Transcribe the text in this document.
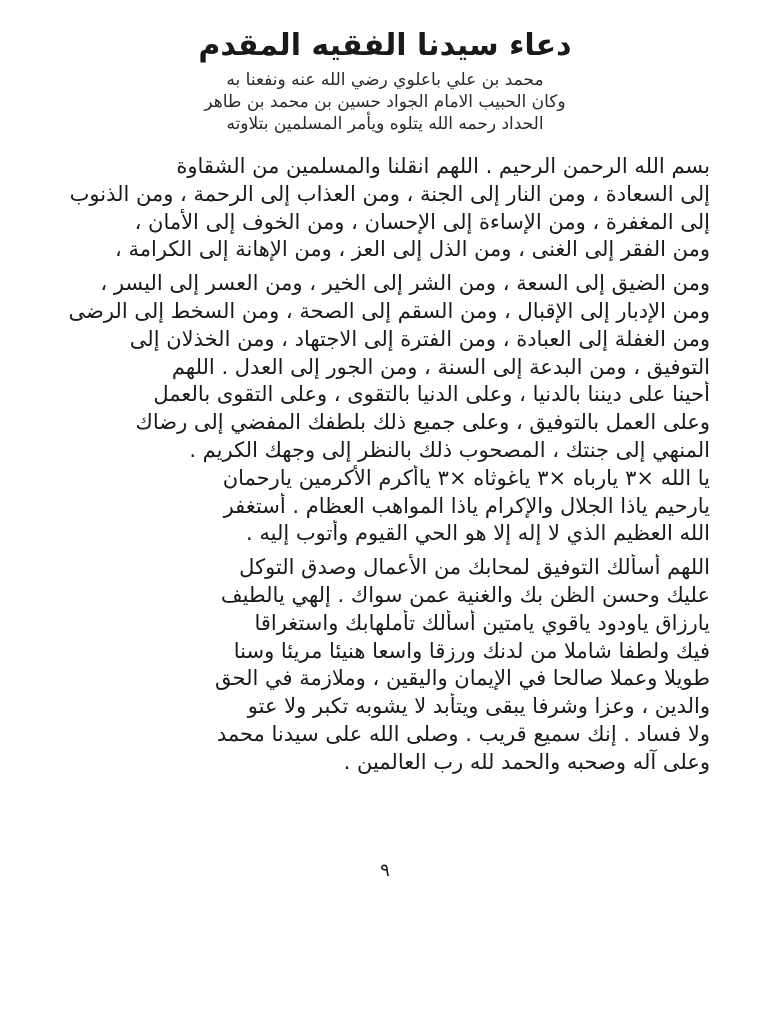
دعاء سيدنا الفقيه المقدم

محمد بن علي باعلوي رضي الله عنه ونفعنا به
وكان الحبيب الامام الجواد حسين بن محمد بن طاهر
الحداد رحمه الله يتلوه ويأمر المسلمين بتلاوته

بسم الله الرحمن الرحيم . اللهم انقلنا والمسلمين من الشقاوة
إلى السعادة ، ومن النار إلى الجنة ، ومن العذاب إلى الرحمة ، ومن الذنوب
إلى المغفرة ، ومن الإساءة إلى الإحسان ، ومن الخوف إلى الأمان ،
ومن الفقر إلى الغنى ، ومن الذل إلى العز ، ومن الإهانة إلى الكرامة ،

ومن الضيق إلى السعة ، ومن الشر إلى الخير ، ومن العسر إلى اليسر ،
ومن الإدبار إلى الإقبال ، ومن السقم إلى الصحة ، ومن السخط إلى الرضى
ومن الغفلة إلى العبادة ، ومن الفترة إلى الاجتهاد ، ومن الخذلان إلى
التوفيق ، ومن البدعة إلى السنة ، ومن الجور إلى العدل . اللهم
أحينا على ديننا بالدنيا ، وعلى الدنيا بالتقوى ، وعلى التقوى بالعمل
وعلى العمل بالتوفيق ، وعلى جميع ذلك بلطفك المفضي إلى رضاك
المنهي إلى جنتك ، المصحوب ذلك بالنظر إلى وجهك الكريم .
يا الله ×٣ يارباه ×٣ ياغوثاه ×٣ ياأكرم الأكرمين يارحمان
يارحيم ياذا الجلال والإكرام ياذا المواهب العظام . أستغفر
الله العظيم الذي لا إله إلا هو الحي القيوم وأتوب إليه .

اللهم أسألك التوفيق لمحابك من الأعمال وصدق التوكل
عليك وحسن الظن بك والغنية عمن سواك . إلهي يالطيف
يارزاق ياودود ياقوي يامتين أسألك تأملهابك واستغراقا
فيك ولطفا شاملا من لدنك ورزقا واسعا هنيئا مريئا وسنا
طويلا وعملا صالحا في الإيمان واليقين ، وملازمة في الحق
والدين ، وعزا وشرفا يبقى ويتأبد لا يشوبه تكبر ولا عتو
ولا فساد . إنك سميع قريب . وصلى الله على سيدنا محمد
وعلى آله وصحبه والحمد لله رب العالمين .

٩
